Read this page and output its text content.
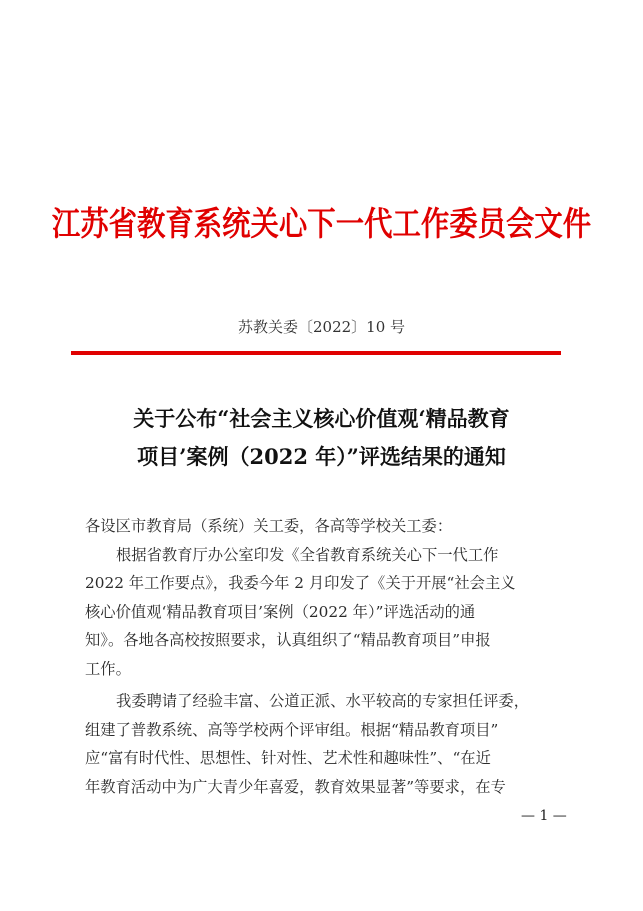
江苏省教育系统关心下一代工作委员会文件
苏教关委〔2022〕10 号
关于公布“社会主义核心价值观‘精品教育
项目’案例（2022 年）”评选结果的通知

各设区市教育局（系统）关工委，各高等学校关工委：

根据省教育厅办公室印发《全省教育系统关心下一代工作
2022 年工作要点》，我委今年 2 月印发了《关于开展“社会主义
核心价值观‘精品教育项目’案例（2022 年）”评选活动的通
知》。各地各高校按照要求，认真组织了“精品教育项目”申报
工作。

我委聘请了经验丰富、公道正派、水平较高的专家担任评委，
组建了普教系统、高等学校两个评审组。根据“精品教育项目”
应“富有时代性、思想性、针对性、艺术性和趣味性”、“在近
年教育活动中为广大青少年喜爱，教育效果显著”等要求，在专

— 1 —
